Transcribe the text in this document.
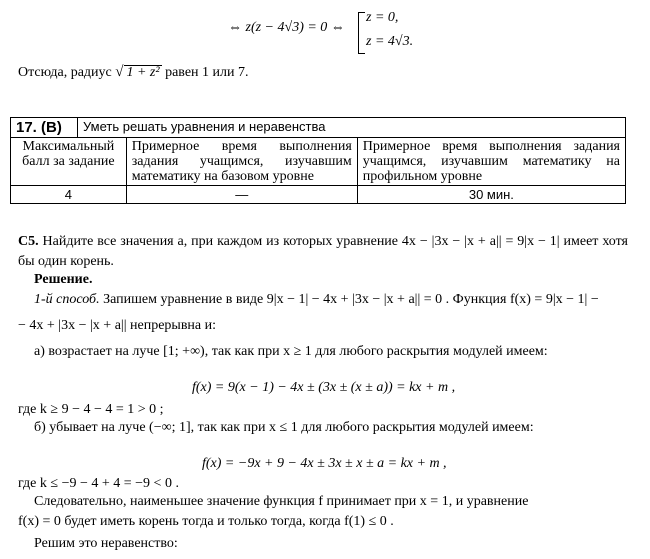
⇔ z(z − 4√3) = 0 ⇔
z = 0,
z = 4√3.
Отсюда, радиус √ 1 + z² равен 1 или 7.
17. (В)	Уметь решать уравнения и неравенства		
Максимальный балл за задание		Примерное время выполнения задания учащимся, изучавшим математику на базовом уровне	Примерное время выполнения задания учащимся, изучавшим математику на профильном уровне
4		—	30 мин.
С5. Найдите все значения a, при каждом из которых уравнение 4x − |3x − |x + a|| = 9|x − 1| имеет хотя бы один корень.
Решение.
1-й способ. Запишем уравнение в виде 9|x − 1| − 4x + |3x − |x + a|| = 0 . Функция f(x) = 9|x − 1| −
− 4x + |3x − |x + a|| непрерывна и:
а) возрастает на луче [1; +∞), так как при x ≥ 1 для любого раскрытия модулей имеем:
f(x) = 9(x − 1) − 4x ± (3x ± (x ± a)) = kx + m ,
где k ≥ 9 − 4 − 4 = 1 > 0 ;
б) убывает на луче (−∞; 1], так как при x ≤ 1 для любого раскрытия модулей имеем:
f(x) = −9x + 9 − 4x ± 3x ± x ± a = kx + m ,
где k ≤ −9 − 4 + 4 = −9 < 0 .
Следовательно, наименьшее значение функция f принимает при x = 1, и уравнение
f(x) = 0 будет иметь корень тогда и только тогда, когда f(1) ≤ 0 .
Решим это неравенство:
